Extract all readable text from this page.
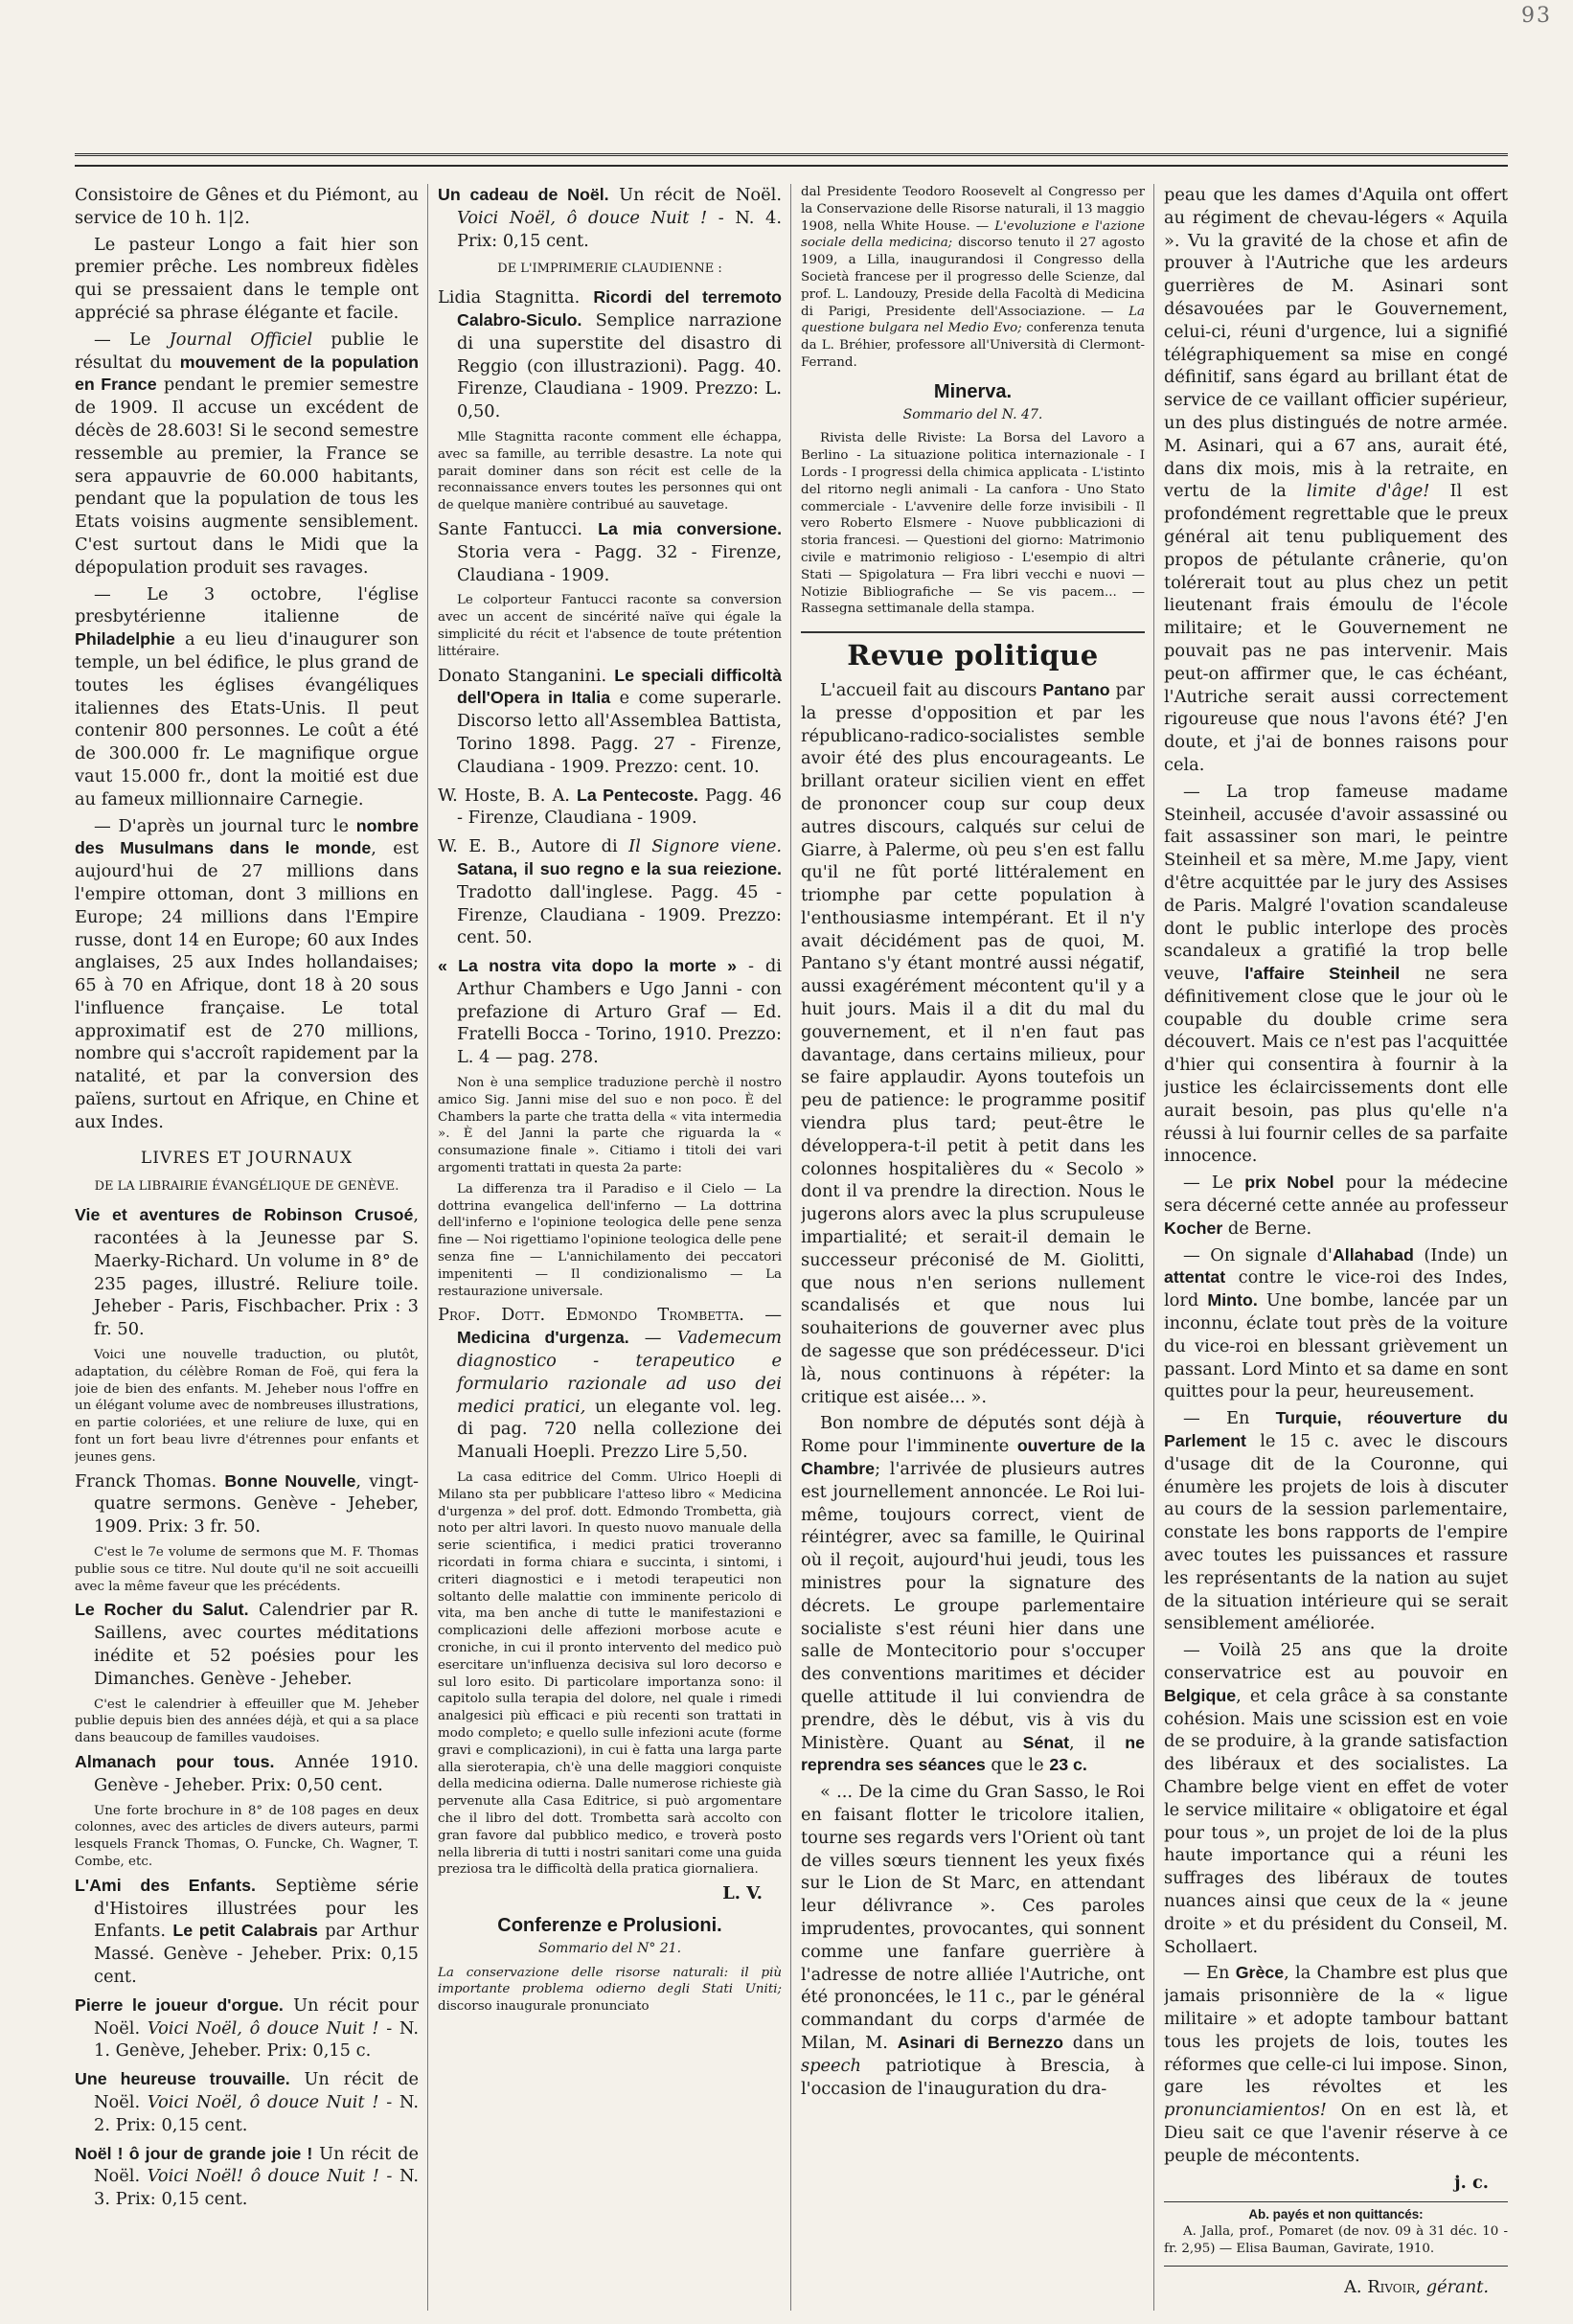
93

Consistoire de Gênes et du Piémont, au service de 10 h. 1|2.

Le pasteur Longo a fait hier son premier prêche. Les nombreux fidèles qui se pressaient dans le temple ont apprécié sa phrase élégante et facile.

— Le Journal Officiel publie le résultat du mouvement de la population en France pendant le premier semestre de 1909. Il accuse un excédent de décès de 28.603! Si le second semestre ressemble au premier, la France se sera appauvrie de 60.000 habitants, pendant que la population de tous les Etats voisins augmente sensiblement. C'est surtout dans le Midi que la dépopulation produit ses ravages.

— Le 3 octobre, l'église presbytérienne italienne de Philadelphie a eu lieu d'inaugurer son temple, un bel édifice, le plus grand de toutes les églises évangéliques italiennes des Etats-Unis. Il peut contenir 800 personnes. Le coût a été de 300.000 fr. Le magnifique orgue vaut 15.000 fr., dont la moitié est due au fameux millionnaire Carnegie.

— D'après un journal turc le nombre des Musulmans dans le monde, est aujourd'hui de 27 millions dans l'empire ottoman, dont 3 millions en Europe; 24 millions dans l'Empire russe, dont 14 en Europe; 60 aux Indes anglaises, 25 aux Indes hollandaises; 65 à 70 en Afrique, dont 18 à 20 sous l'influence française. Le total approximatif est de 270 millions, nombre qui s'accroît rapidement par la natalité, et par la conversion des païens, surtout en Afrique, en Chine et aux Indes.

LIVRES ET JOURNAUX
DE LA LIBRAIRIE ÉVANGÉLIQUE DE GENÈVE.

Vie et aventures de Robinson Crusoé, racontées à la Jeunesse par S. Maerky-Richard. Un volume in 8° de 235 pages, illustré. Reliure toile. Jeheber - Paris, Fischbacher. Prix : 3 fr. 50.

Voici une nouvelle traduction, ou plutôt, adaptation, du célèbre Roman de Foë, qui fera la joie de bien des enfants. M. Jeheber nous l'offre en un élégant volume avec de nombreuses illustrations, en partie coloriées, et une reliure de luxe, qui en font un fort beau livre d'étrennes pour enfants et jeunes gens.

Franck Thomas. Bonne Nouvelle, vingt-quatre sermons. Genève - Jeheber, 1909. Prix: 3 fr. 50.

C'est le 7e volume de sermons que M. F. Thomas publie sous ce titre. Nul doute qu'il ne soit accueilli avec la même faveur que les précédents.

Le Rocher du Salut. Calendrier par R. Saillens, avec courtes méditations inédite et 52 poésies pour les Dimanches. Genève - Jeheber.

C'est le calendrier à effeuiller que M. Jeheber publie depuis bien des années déjà, et qui a sa place dans beaucoup de familles vaudoises.

Almanach pour tous. Année 1910. Genève - Jeheber. Prix: 0,50 cent.

Une forte brochure in 8° de 108 pages en deux colonnes, avec des articles de divers auteurs, parmi lesquels Franck Thomas, O. Funcke, Ch. Wagner, T. Combe, etc.

L'Ami des Enfants. Septième série d'Histoires illustrées pour les Enfants. Le petit Calabrais par Arthur Massé. Genève - Jeheber. Prix: 0,15 cent.

Pierre le joueur d'orgue. Un récit pour Noël. Voici Noël, ô douce Nuit ! - N. 1. Genève, Jeheber. Prix: 0,15 c.

Une heureuse trouvaille. Un récit de Noël. Voici Noël, ô douce Nuit ! - N. 2. Prix: 0,15 cent.

Noël ! ô jour de grande joie ! Un récit de Noël. Voici Noël! ô douce Nuit ! - N. 3. Prix: 0,15 cent.

Un cadeau de Noël. Un récit de Noël. Voici Noël, ô douce Nuit ! - N. 4. Prix: 0,15 cent.

DE L'IMPRIMERIE CLAUDIENNE :

Lidia Stagnitta. Ricordi del terremoto Calabro-Siculo. Semplice narrazione di una superstite del disastro di Reggio (con illustrazioni). Pagg. 40. Firenze, Claudiana - 1909. Prezzo: L. 0,50.

Mlle Stagnitta raconte comment elle échappa, avec sa famille, au terrible desastre. La note qui parait dominer dans son récit est celle de la reconnaissance envers toutes les personnes qui ont de quelque manière contribué au sauvetage.

Sante Fantucci. La mia conversione. Storia vera - Pagg. 32 - Firenze, Claudiana - 1909.

Le colporteur Fantucci raconte sa conversion avec un accent de sincérité naïve qui égale la simplicité du récit et l'absence de toute prétention littéraire.

Donato Stanganini. Le speciali difficoltà dell'Opera in Italia e come superarle. Discorso letto all'Assemblea Battista, Torino 1898. Pagg. 27 - Firenze, Claudiana - 1909. Prezzo: cent. 10.

W. Hoste, B. A. La Pentecoste. Pagg. 46 - Firenze, Claudiana - 1909.

W. E. B., Autore di Il Signore viene. Satana, il suo regno e la sua reiezione. Tradotto dall'inglese. Pagg. 45 - Firenze, Claudiana - 1909. Prezzo: cent. 50.

« La nostra vita dopo la morte » - di Arthur Chambers e Ugo Janni - con prefazione di Arturo Graf — Ed. Fratelli Bocca - Torino, 1910. Prezzo: L. 4 — pag. 278.

Non è una semplice traduzione perchè il nostro amico Sig. Janni mise del suo e non poco. È del Chambers la parte che tratta della « vita intermedia ». È del Janni la parte che riguarda la « consumazione finale ». Citiamo i titoli dei vari argomenti trattati in questa 2a parte:

La differenza tra il Paradiso e il Cielo — La dottrina evangelica dell'inferno — La dottrina dell'inferno e l'opinione teologica delle pene senza fine — Noi rigettiamo l'opinione teologica delle pene senza fine — L'annichilamento dei peccatori impenitenti — Il condizionalismo — La restaurazione universale.

Prof. Dott. Edmondo Trombetta. — Medicina d'urgenza. — Vademecum diagnostico - terapeutico e formulario razionale ad uso dei medici pratici, un elegante vol. leg. di pag. 720 nella collezione dei Manuali Hoepli. Prezzo Lire 5,50.

La casa editrice del Comm. Ulrico Hoepli di Milano sta per pubblicare l'atteso libro « Medicina d'urgenza » del prof. dott. Edmondo Trombetta, già noto per altri lavori. In questo nuovo manuale della serie scientifica, i medici pratici troveranno ricordati in forma chiara e succinta, i sintomi, i criteri diagnostici e i metodi terapeutici non soltanto delle malattie con imminente pericolo di vita, ma ben anche di tutte le manifestazioni e complicazioni delle affezioni morbose acute e croniche, in cui il pronto intervento del medico può esercitare un'influenza decisiva sul loro decorso e sul loro esito. Di particolare importanza sono: il capitolo sulla terapia del dolore, nel quale i rimedi analgesici più efficaci e più recenti son trattati in modo completo; e quello sulle infezioni acute (forme gravi e complicazioni), in cui è fatta una larga parte alla sieroterapia, ch'è una delle maggiori conquiste della medicina odierna. Dalle numerose richieste già pervenute alla Casa Editrice, si può argomentare che il libro del dott. Trombetta sarà accolto con gran favore dal pubblico medico, e troverà posto nella libreria di tutti i nostri sanitari come una guida preziosa tra le difficoltà della pratica giornaliera.

L. V.
Conferenze e Prolusioni.
Sommario del N° 21.

La conservazione delle risorse naturali: il più importante problema odierno degli Stati Uniti; discorso inaugurale pronunciato

dal Presidente Teodoro Roosevelt al Congresso per la Conservazione delle Risorse naturali, il 13 maggio 1908, nella White House. — L'evoluzione e l'azione sociale della medicina; discorso tenuto il 27 agosto 1909, a Lilla, inaugurandosi il Congresso della Società francese per il progresso delle Scienze, dal prof. L. Landouzy, Preside della Facoltà di Medicina di Parigi, Presidente dell'Associazione. — La questione bulgara nel Medio Evo; conferenza tenuta da L. Bréhier, professore all'Università di Clermont-Ferrand.

Minerva.
Sommario del N. 47.

Rivista delle Riviste: La Borsa del Lavoro a Berlino - La situazione politica internazionale - I Lords - I progressi della chimica applicata - L'istinto del ritorno negli animali - La canfora - Uno Stato commerciale - L'avvenire delle forze invisibili - Il vero Roberto Elsmere - Nuove pubblicazioni di storia francesi. — Questioni del giorno: Matrimonio civile e matrimonio religioso - L'esempio di altri Stati — Spigolatura — Fra libri vecchi e nuovi — Notizie Bibliografiche — Se vis pacem... — Rassegna settimanale della stampa.

Revue politique

L'accueil fait au discours Pantano par la presse d'opposition et par les républicano-radico-socialistes semble avoir été des plus encourageants. Le brillant orateur sicilien vient en effet de prononcer coup sur coup deux autres discours, calqués sur celui de Giarre, à Palerme, où peu s'en est fallu qu'il ne fût porté littéralement en triomphe par cette population à l'enthousiasme intempérant. Et il n'y avait décidément pas de quoi, M. Pantano s'y étant montré aussi négatif, aussi exagérément mécontent qu'il y a huit jours. Mais il a dit du mal du gouvernement, et il n'en faut pas davantage, dans certains milieux, pour se faire applaudir. Ayons toutefois un peu de patience: le programme positif viendra plus tard; peut-être le développera-t-il petit à petit dans les colonnes hospitalières du « Secolo » dont il va prendre la direction. Nous le jugerons alors avec la plus scrupuleuse impartialité; et serait-il demain le successeur préconisé de M. Giolitti, que nous n'en serions nullement scandalisés et que nous lui souhaiterions de gouverner avec plus de sagesse que son prédécesseur. D'ici là, nous continuons à répéter: la critique est aisée... ».

Bon nombre de députés sont déjà à Rome pour l'imminente ouverture de la Chambre; l'arrivée de plusieurs autres est journellement annoncée. Le Roi lui-même, toujours correct, vient de réintégrer, avec sa famille, le Quirinal où il reçoit, aujourd'hui jeudi, tous les ministres pour la signature des décrets. Le groupe parlementaire socialiste s'est réuni hier dans une salle de Montecitorio pour s'occuper des conventions maritimes et décider quelle attitude il lui conviendra de prendre, dès le début, vis à vis du Ministère. Quant au Sénat, il ne reprendra ses séances que le 23 c.

« ... De la cime du Gran Sasso, le Roi en faisant flotter le tricolore italien, tourne ses regards vers l'Orient où tant de villes sœurs tiennent les yeux fixés sur le Lion de St Marc, en attendant leur délivrance ». Ces paroles imprudentes, provocantes, qui sonnent comme une fanfare guerrière à l'adresse de notre alliée l'Autriche, ont été prononcées, le 11 c., par le général commandant du corps d'armée de Milan, M. Asinari di Bernezzo dans un speech patriotique à Brescia, à l'occasion de l'inauguration du dra-

peau que les dames d'Aquila ont offert au régiment de chevau-légers « Aquila ». Vu la gravité de la chose et afin de prouver à l'Autriche que les ardeurs guerrières de M. Asinari sont désavouées par le Gouvernement, celui-ci, réuni d'urgence, lui a signifié télégraphiquement sa mise en congé définitif, sans égard au brillant état de service de ce vaillant officier supérieur, un des plus distingués de notre armée. M. Asinari, qui a 67 ans, aurait été, dans dix mois, mis à la retraite, en vertu de la limite d'âge! Il est profondément regrettable que le preux général ait tenu publiquement des propos de pétulante crânerie, qu'on tolérerait tout au plus chez un petit lieutenant frais émoulu de l'école militaire; et le Gouvernement ne pouvait pas ne pas intervenir. Mais peut-on affirmer que, le cas échéant, l'Autriche serait aussi correctement rigoureuse que nous l'avons été? J'en doute, et j'ai de bonnes raisons pour cela.

— La trop fameuse madame Steinheil, accusée d'avoir assassiné ou fait assassiner son mari, le peintre Steinheil et sa mère, M.me Japy, vient d'être acquittée par le jury des Assises de Paris. Malgré l'ovation scandaleuse dont le public interlope des procès scandaleux a gratifié la trop belle veuve, l'affaire Steinheil ne sera définitivement close que le jour où le coupable du double crime sera découvert. Mais ce n'est pas l'acquittée d'hier qui consentira à fournir à la justice les éclaircissements dont elle aurait besoin, pas plus qu'elle n'a réussi à lui fournir celles de sa parfaite innocence.

— Le prix Nobel pour la médecine sera décerné cette année au professeur Kocher de Berne.

— On signale d'Allahabad (Inde) un attentat contre le vice-roi des Indes, lord Minto. Une bombe, lancée par un inconnu, éclate tout près de la voiture du vice-roi en blessant grièvement un passant. Lord Minto et sa dame en sont quittes pour la peur, heureusement.

— En Turquie, réouverture du Parlement le 15 c. avec le discours d'usage dit de la Couronne, qui énumère les projets de lois à discuter au cours de la session parlementaire, constate les bons rapports de l'empire avec toutes les puissances et rassure les représentants de la nation au sujet de la situation intérieure qui se serait sensiblement améliorée.

— Voilà 25 ans que la droite conservatrice est au pouvoir en Belgique, et cela grâce à sa constante cohésion. Mais une scission est en voie de se produire, à la grande satisfaction des libéraux et des socialistes. La Chambre belge vient en effet de voter le service militaire « obligatoire et égal pour tous », un projet de loi de la plus haute importance qui a réuni les suffrages des libéraux de toutes nuances ainsi que ceux de la « jeune droite » et du président du Conseil, M. Schollaert.

— En Grèce, la Chambre est plus que jamais prisonnière de la « ligue militaire » et adopte tambour battant tous les projets de lois, toutes les réformes que celle-ci lui impose. Sinon, gare les révoltes et les pronunciamientos! On en est là, et Dieu sait ce que l'avenir réserve à ce peuple de mécontents.

j. c.
Ab. payés et non quittancés:

A. Jalla, prof., Pomaret (de nov. 09 à 31 déc. 10 - fr. 2,95) — Elisa Bauman, Gavirate, 1910.

A. Rivoir, gérant.
